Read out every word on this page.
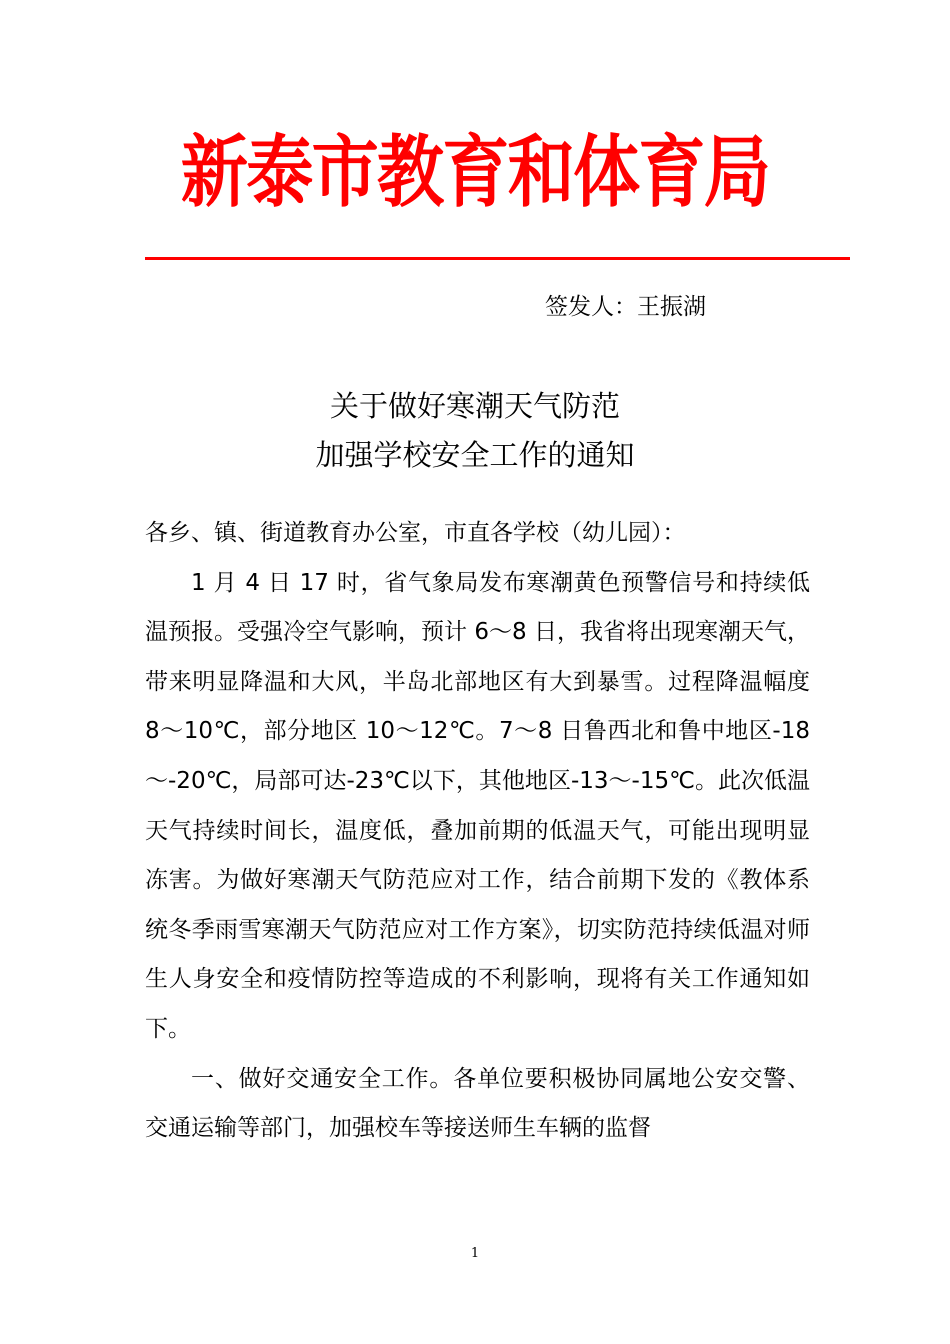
新泰市教育和体育局
签发人：王振湖
关于做好寒潮天气防范
加强学校安全工作的通知

各乡、镇、街道教育办公室，市直各学校（幼儿园）：

1 月 4 日 17 时，省气象局发布寒潮黄色预警信号和持续低温预报。受强冷空气影响，预计 6～8 日，我省将出现寒潮天气，带来明显降温和大风，半岛北部地区有大到暴雪。过程降温幅度 8～10℃，部分地区 10～12℃。7～8 日鲁西北和鲁中地区-18～-20℃，局部可达-23℃以下，其他地区-13～-15℃。此次低温天气持续时间长，温度低，叠加前期的低温天气，可能出现明显冻害。为做好寒潮天气防范应对工作，结合前期下发的《教体系统冬季雨雪寒潮天气防范应对工作方案》，切实防范持续低温对师生人身安全和疫情防控等造成的不利影响，现将有关工作通知如下。

一、做好交通安全工作。各单位要积极协同属地公安交警、交通运输等部门，加强校车等接送师生车辆的监督

1
